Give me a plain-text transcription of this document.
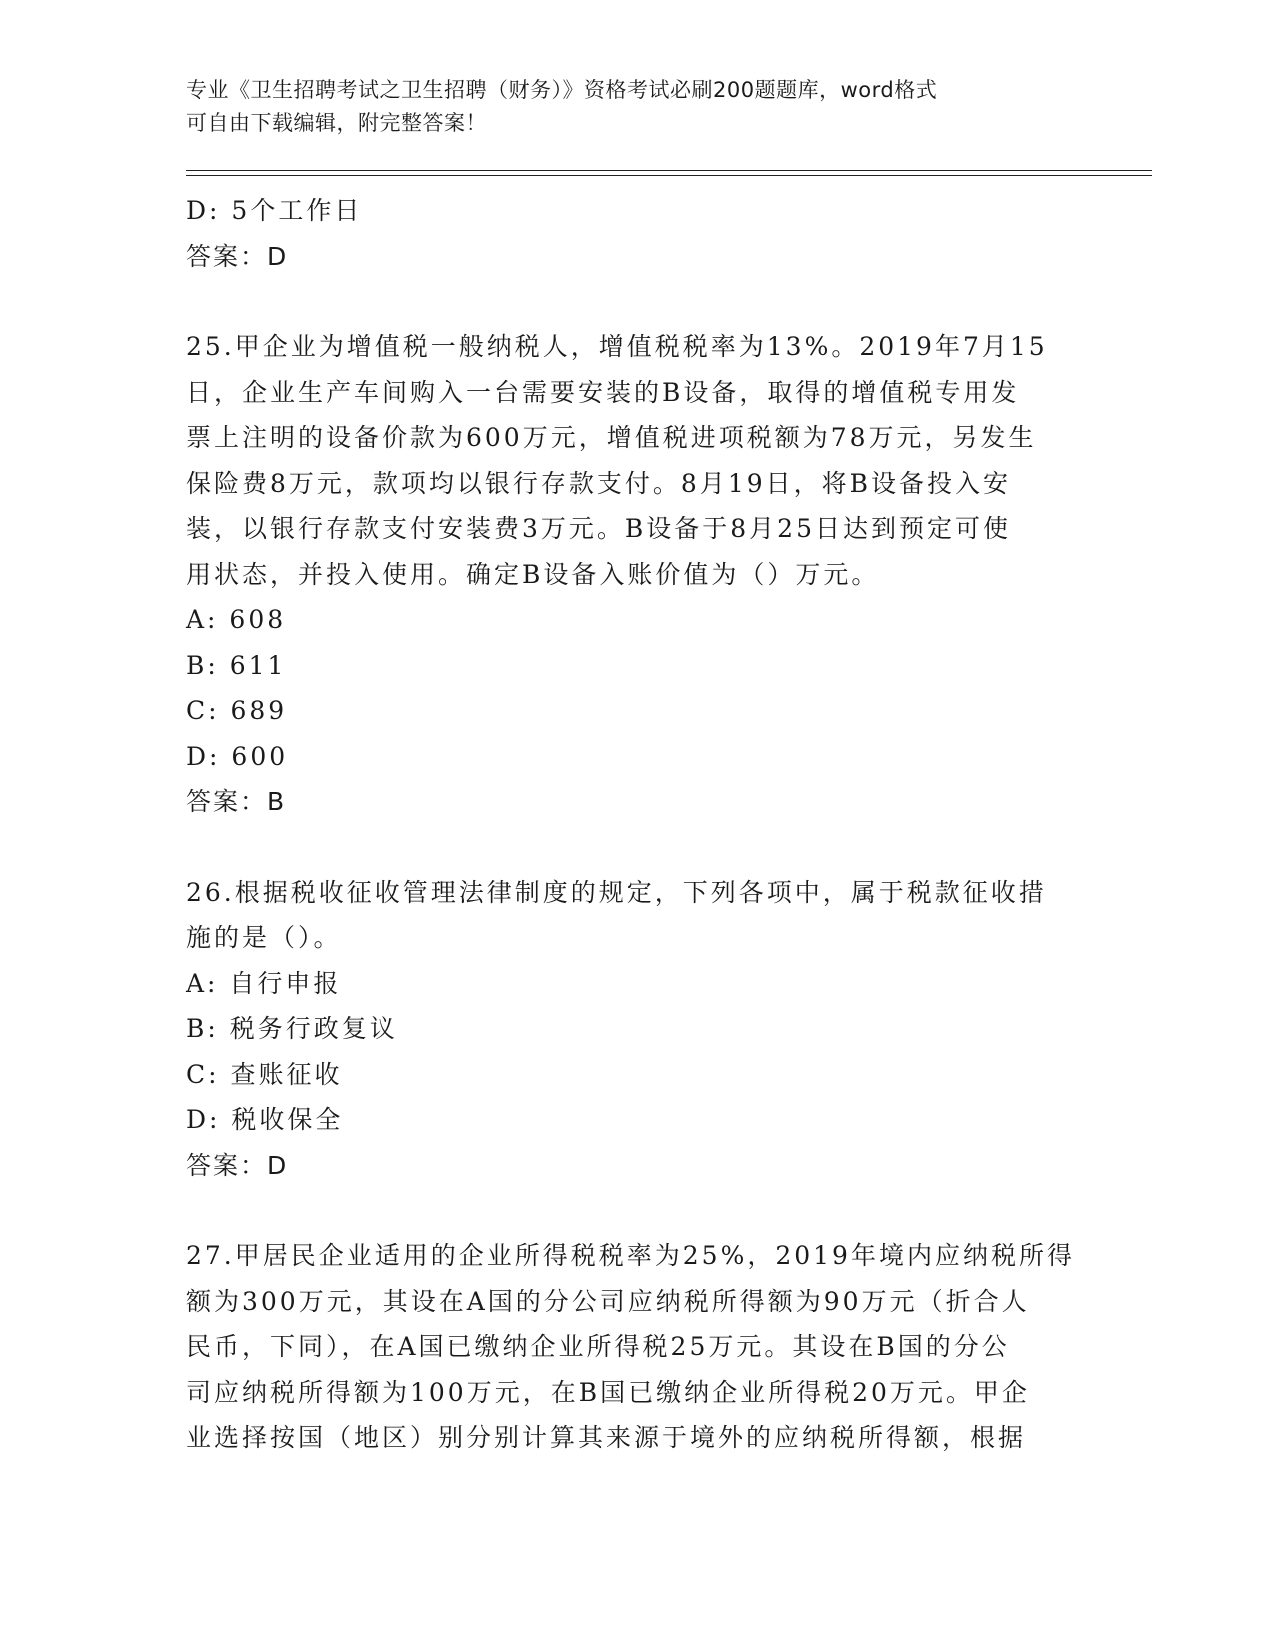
专业《卫生招聘考试之卫生招聘（财务）》资格考试必刷200题题库，word格式
可自由下载编辑，附完整答案！
D: 5个工作日
答案：D
25.甲企业为增值税一般纳税人，增值税税率为13%。2019年7月15
日，企业生产车间购入一台需要安装的B设备，取得的增值税专用发
票上注明的设备价款为600万元，增值税进项税额为78万元，另发生
保险费8万元，款项均以银行存款支付。8月19日，将B设备投入安
装，以银行存款支付安装费3万元。B设备于8月25日达到预定可使
用状态，并投入使用。确定B设备入账价值为（）万元。
A: 608
B: 611
C: 689
D: 600
答案：B
26.根据税收征收管理法律制度的规定，下列各项中，属于税款征收措
施的是（）。
A: 自行申报
B: 税务行政复议
C: 查账征收
D: 税收保全
答案：D
27.甲居民企业适用的企业所得税税率为25%，2019年境内应纳税所得
额为300万元，其设在A国的分公司应纳税所得额为90万元（折合人
民币，下同），在A国已缴纳企业所得税25万元。其设在B国的分公
司应纳税所得额为100万元，在B国已缴纳企业所得税20万元。甲企
业选择按国（地区）别分别计算其来源于境外的应纳税所得额，根据
